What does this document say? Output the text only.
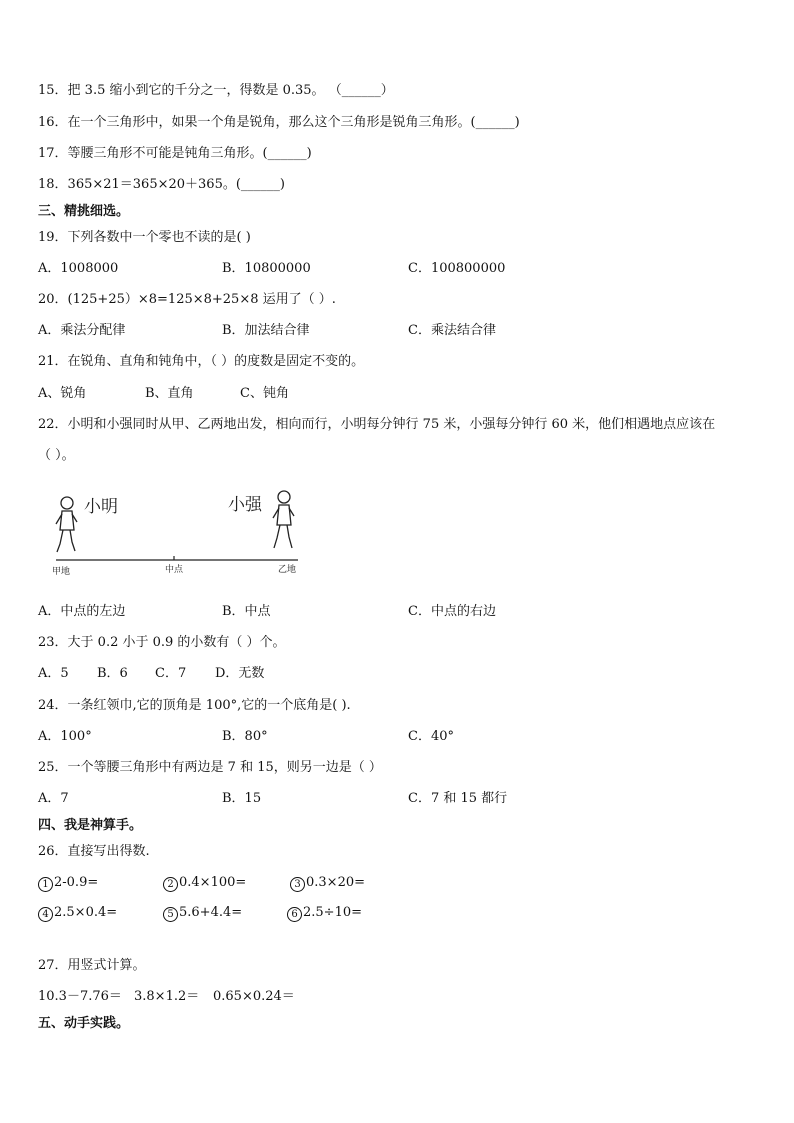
15．把 3.5 缩小到它的千分之一，得数是 0.35。 （______）
16．在一个三角形中，如果一个角是锐角，那么这个三角形是锐角三角形。(______)
17．等腰三角形不可能是钝角三角形。(______)
18．365×21＝365×20＋365。(______)
三、精挑细选。
19．下列各数中一个零也不读的是( )
A．1008000	B．10800000	C．100800000
20．(125+25）×8=125×8+25×8 运用了（ ）.
A．乘法分配律	B．加法结合律	C．乘法结合律
21．在锐角、直角和钝角中，（ ）的度数是固定不变的。
A、锐角	B、直角	C、钝角
22．小明和小强同时从甲、乙两地出发，相向而行，小明每分钟行 75 米，小强每分钟行 60 米，他们相遇地点应该在
（ ）。
小明	小强
甲地	中点	乙地
A．中点的左边	B．中点	C．中点的右边
23．大于 0.2 小于 0.9 的小数有（ ）个。
A．5 B．6 C．7 D．无数
24．一条红领巾,它的顶角是 100°,它的一个底角是( ).
A．100°	B．80°	C．40°
25．一个等腰三角形中有两边是 7 和 15，则另一边是（ ）
A．7	B．15	C．7 和 15 都行
四、我是神算手。
26．直接写出得数.
1 2-0.9=	2 0.4×100=	3 0.3×20=
4 2.5×0.4=	5 5.6+4.4=	6 2.5÷10=
27．用竖式计算。
10.3－7.76＝ 3.8×1.2＝ 0.65×0.24＝
五、动手实践。
